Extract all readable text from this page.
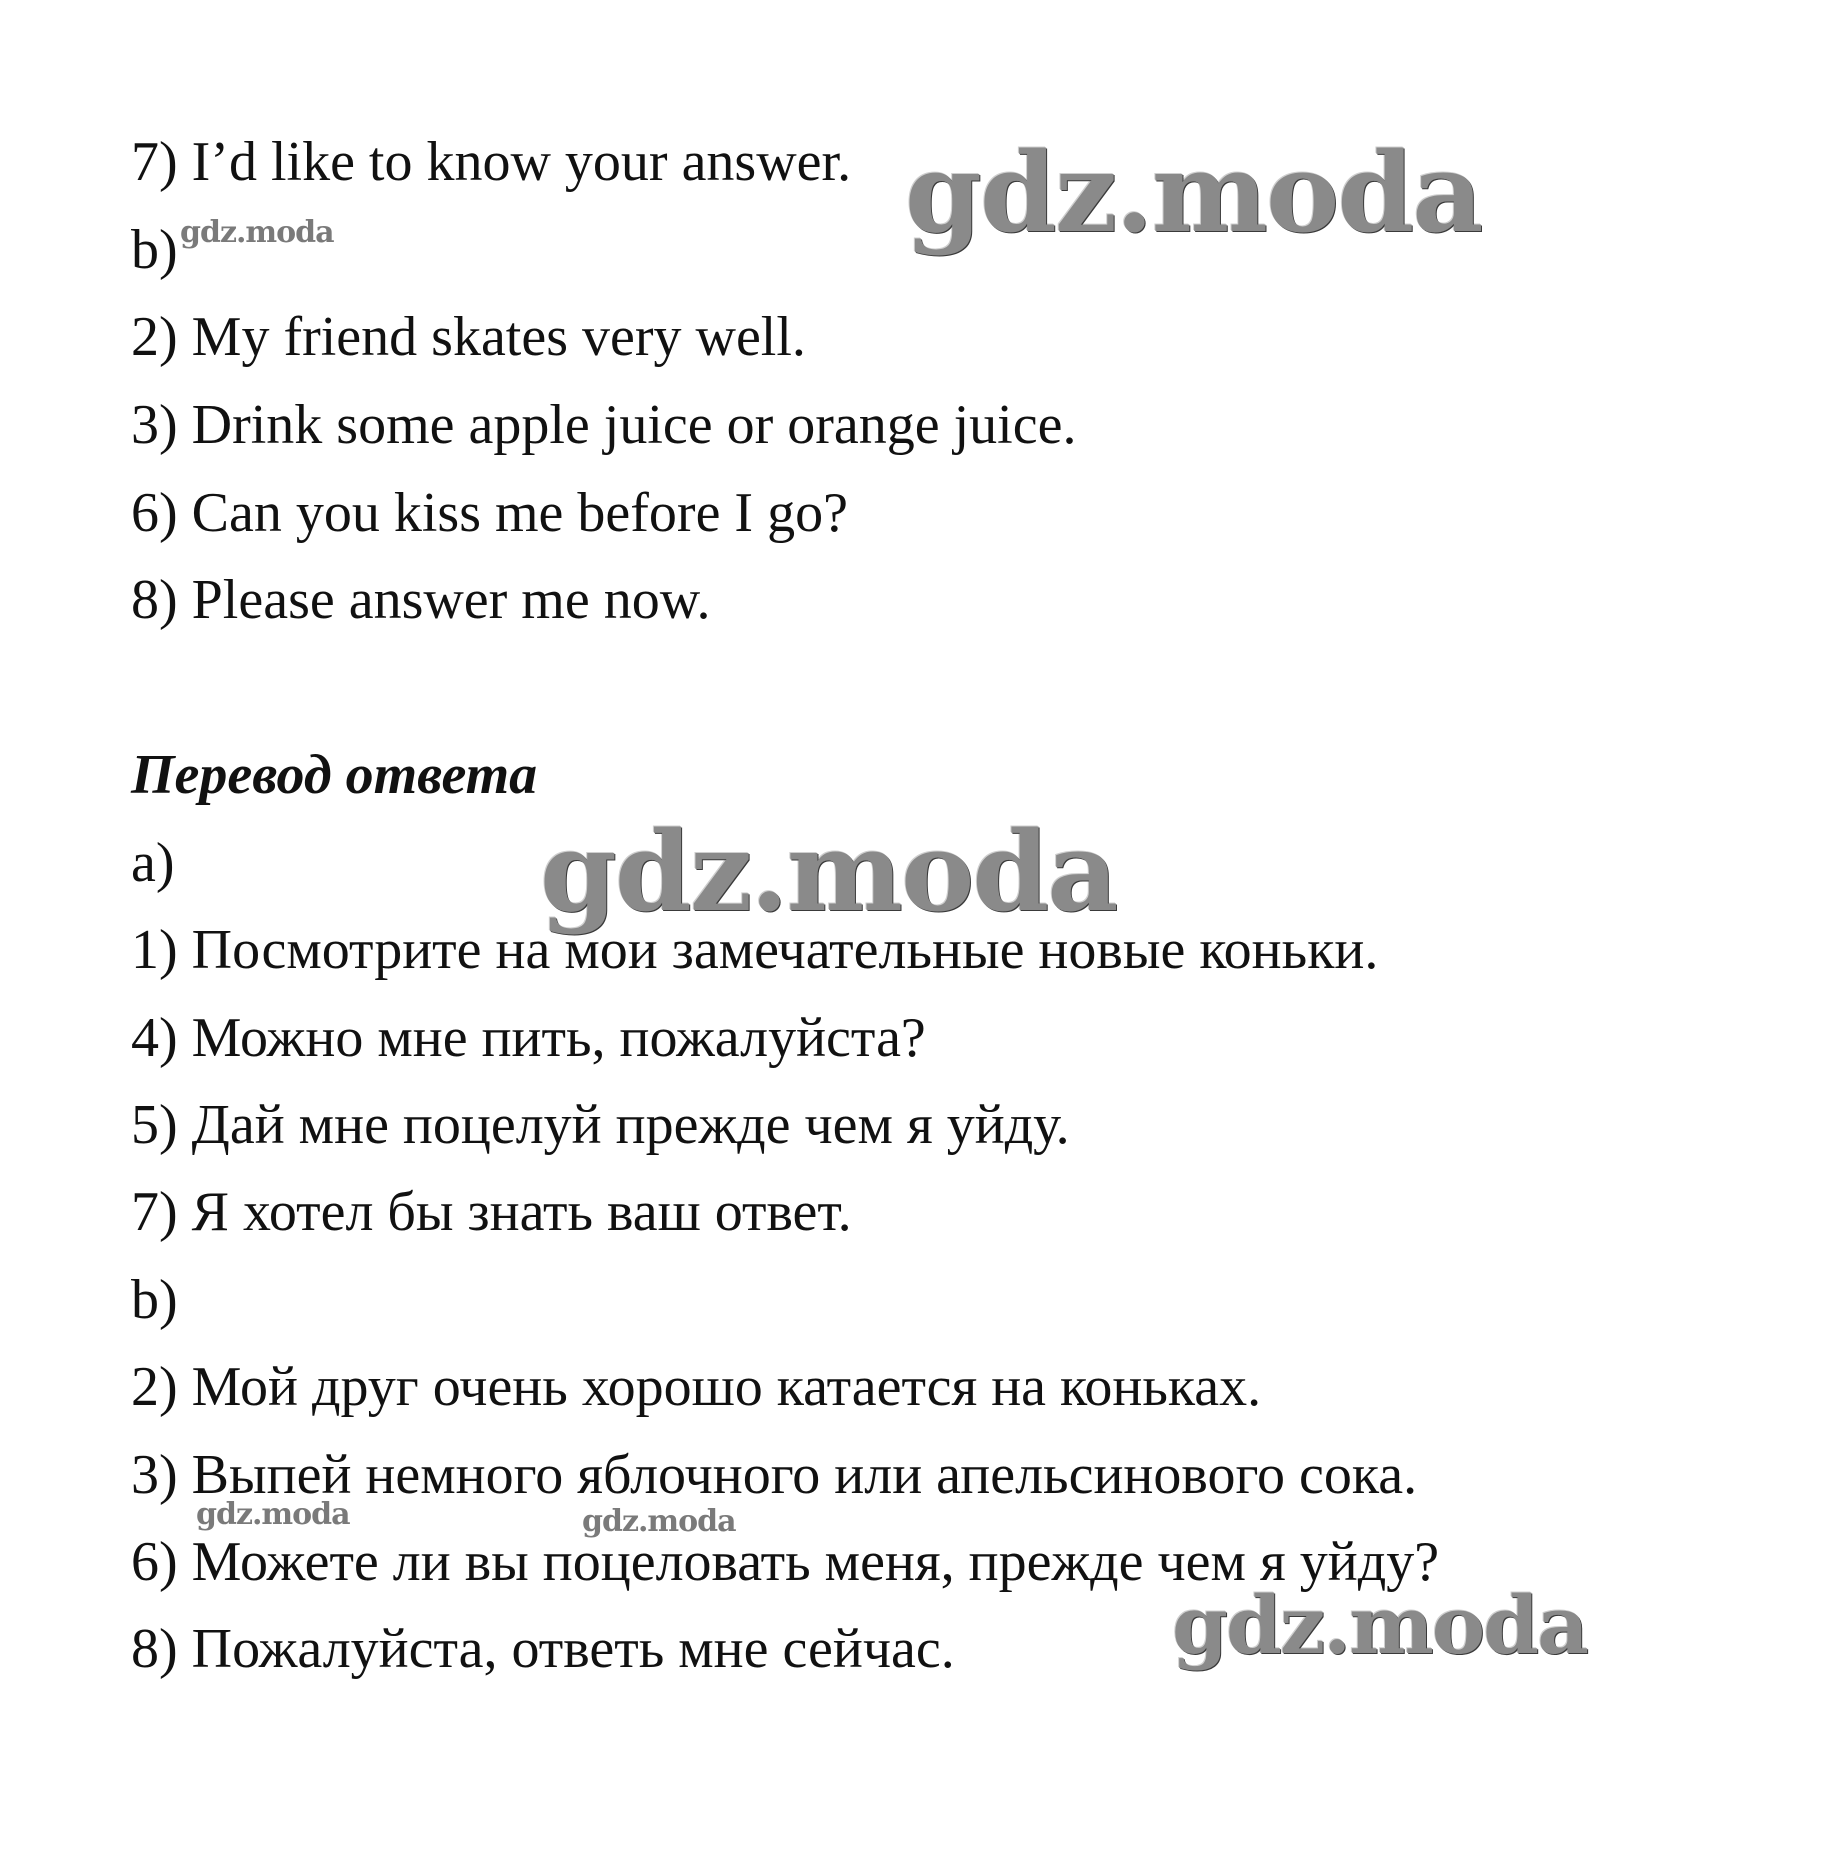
7) I’d like to know your answer.
b)
2) My friend skates very well.
3) Drink some apple juice or orange juice.
6) Can you kiss me before I go?
8) Please answer me now.
Перевод ответа
a)
1) Посмотрите на мои замечательные новые коньки.
4) Можно мне пить, пожалуйста?
5) Дай мне поцелуй прежде чем я уйду.
7) Я хотел бы знать ваш ответ.
b)
2) Мой друг очень хорошо катается на коньках.
3) Выпей немного яблочного или апельсинового сока.
6) Можете ли вы поцеловать меня, прежде чем я уйду?
8) Пожалуйста, ответь мне сейчас.
gdz.moda
gdz.moda
gdz.moda
gdz.moda	gdz.moda
gdz.moda
